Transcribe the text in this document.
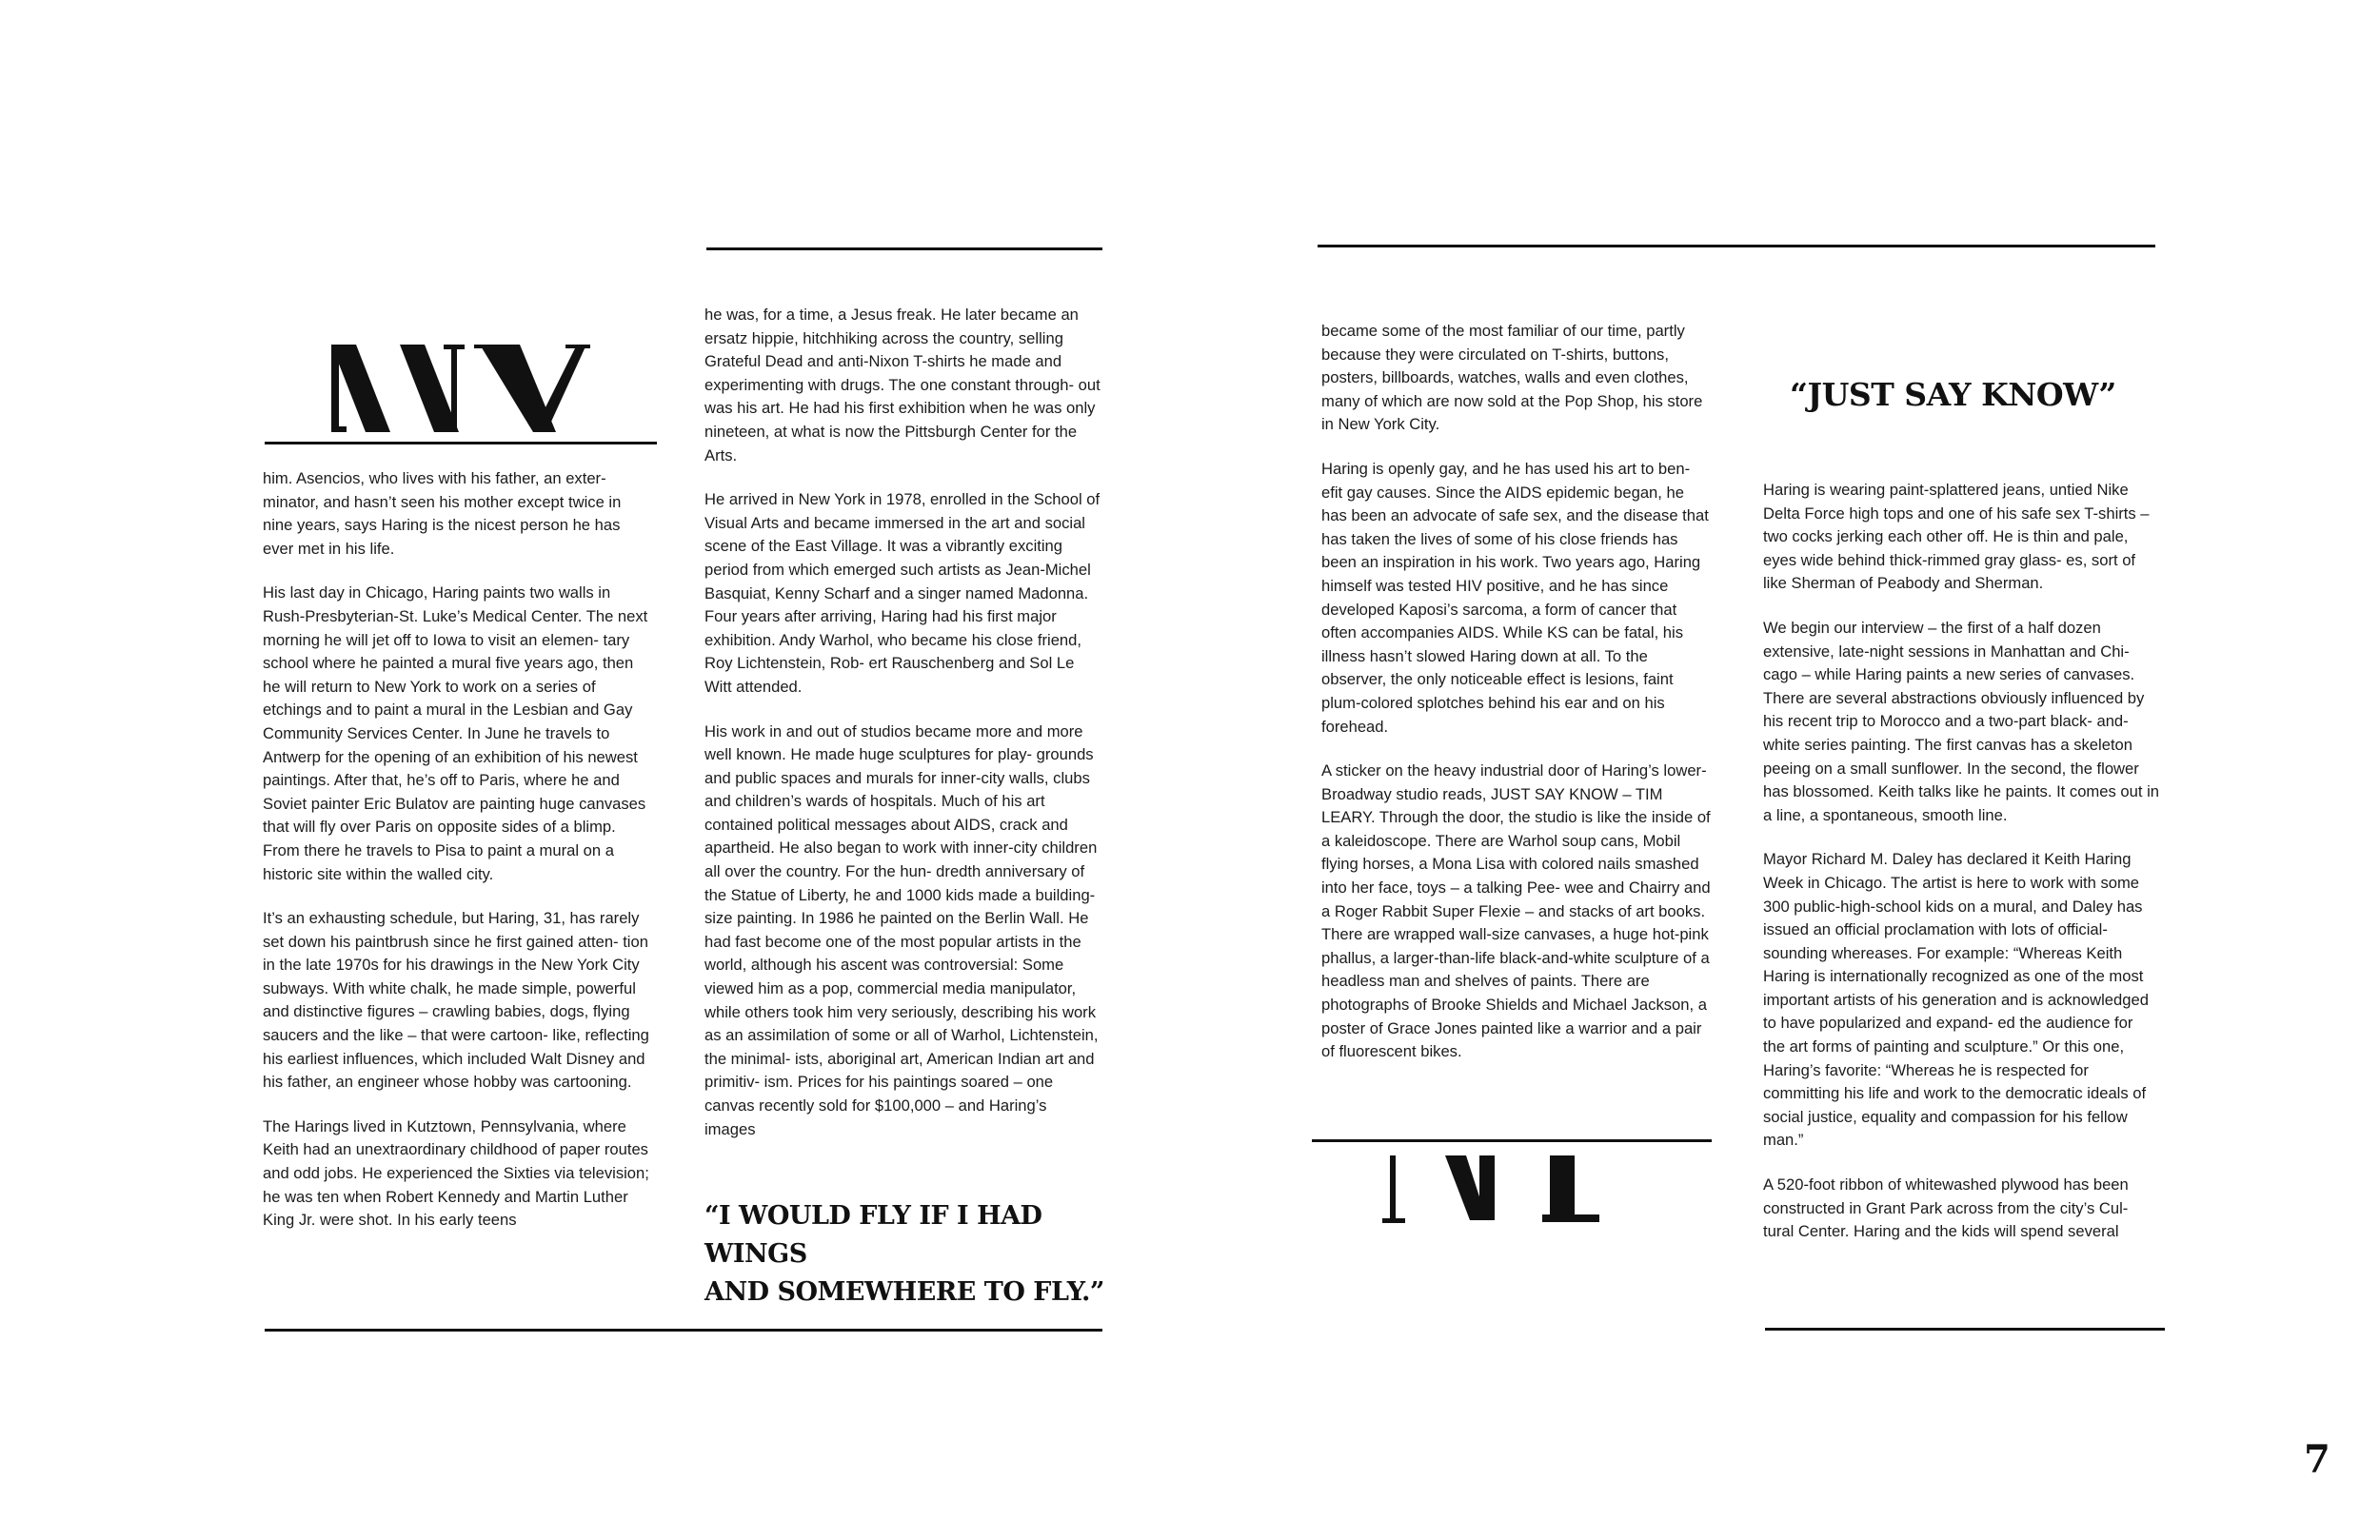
him. Asencios, who lives with his father, an exter- minator, and hasn’t seen his mother except twice in nine years, says Haring is the nicest person he has ever met in his life.

His last day in Chicago, Haring paints two walls in Rush-Presbyterian-St. Luke’s Medical Center. The next morning he will jet off to Iowa to visit an elemen- tary school where he painted a mural five years ago, then he will return to New York to work on a series of etchings and to paint a mural in the Lesbian and Gay Community Services Center. In June he travels to Antwerp for the opening of an exhibition of his newest paintings. After that, he’s off to Paris, where he and Soviet painter Eric Bulatov are painting huge canvases that will fly over Paris on opposite sides of a blimp. From there he travels to Pisa to paint a mural on a historic site within the walled city.

It’s an exhausting schedule, but Haring, 31, has rarely set down his paintbrush since he first gained atten- tion in the late 1970s for his drawings in the New York City subways. With white chalk, he made simple, powerful and distinctive figures – crawling babies, dogs, flying saucers and the like – that were cartoon- like, reflecting his earliest influences, which included Walt Disney and his father, an engineer whose hobby was cartooning.

The Harings lived in Kutztown, Pennsylvania, where Keith had an unextraordinary childhood of paper routes and odd jobs. He experienced the Sixties via television; he was ten when Robert Kennedy and Martin Luther King Jr. were shot. In his early teens

he was, for a time, a Jesus freak. He later became an ersatz hippie, hitchhiking across the country, selling Grateful Dead and anti-Nixon T-shirts he made and experimenting with drugs. The one constant through- out was his art. He had his first exhibition when he was only nineteen, at what is now the Pittsburgh Center for the Arts.

He arrived in New York in 1978, enrolled in the School of Visual Arts and became immersed in the art and social scene of the East Village. It was a vibrantly exciting period from which emerged such artists as Jean-Michel Basquiat, Kenny Scharf and a singer named Madonna. Four years after arriving, Haring had his first major exhibition. Andy Warhol, who became his close friend, Roy Lichtenstein, Rob- ert Rauschenberg and Sol Le Witt attended.

His work in and out of studios became more and more well known. He made huge sculptures for play- grounds and public spaces and murals for inner-city walls, clubs and children’s wards of hospitals. Much of his art contained political messages about AIDS, crack and apartheid. He also began to work with inner-city children all over the country. For the hun- dredth anniversary of the Statue of Liberty, he and 1000 kids made a building-size painting. In 1986 he painted on the Berlin Wall. He had fast become one of the most popular artists in the world, although his ascent was controversial: Some viewed him as a pop, commercial media manipulator, while others took him very seriously, describing his work as an assimilation of some or all of Warhol, Lichtenstein, the minimal- ists, aboriginal art, American Indian art and primitiv- ism. Prices for his paintings soared – one canvas recently sold for $100,000 – and Haring’s images

“I WOULD FLY IF I HAD WINGS
AND SOMEWHERE TO FLY.”

became some of the most familiar of our time, partly because they were circulated on T-shirts, buttons, posters, billboards, watches, walls and even clothes, many of which are now sold at the Pop Shop, his store in New York City.

Haring is openly gay, and he has used his art to ben- efit gay causes. Since the AIDS epidemic began, he has been an advocate of safe sex, and the disease that has taken the lives of some of his close friends has been an inspiration in his work. Two years ago, Haring himself was tested HIV positive, and he has since developed Kaposi’s sarcoma, a form of cancer that often accompanies AIDS. While KS can be fatal, his illness hasn’t slowed Haring down at all. To the observer, the only noticeable effect is lesions, faint plum-colored splotches behind his ear and on his forehead.

A sticker on the heavy industrial door of Haring’s lower-Broadway studio reads, JUST SAY KNOW – TIM LEARY. Through the door, the studio is like the inside of a kaleidoscope. There are Warhol soup cans, Mobil flying horses, a Mona Lisa with colored nails smashed into her face, toys – a talking Pee- wee and Chairry and a Roger Rabbit Super Flexie – and stacks of art books. There are wrapped wall-size canvases, a huge hot-pink phallus, a larger-than-life black-and-white sculpture of a headless man and shelves of paints. There are photographs of Brooke Shields and Michael Jackson, a poster of Grace Jones painted like a warrior and a pair of fluorescent bikes.

“JUST SAY KNOW”

Haring is wearing paint-splattered jeans, untied Nike Delta Force high tops and one of his safe sex T-shirts – two cocks jerking each other off. He is thin and pale, eyes wide behind thick-rimmed gray glass- es, sort of like Sherman of Peabody and Sherman.

We begin our interview – the first of a half dozen extensive, late-night sessions in Manhattan and Chi- cago – while Haring paints a new series of canvases. There are several abstractions obviously influenced by his recent trip to Morocco and a two-part black- and-white series painting. The first canvas has a skeleton peeing on a small sunflower. In the second, the flower has blossomed. Keith talks like he paints. It comes out in a line, a spontaneous, smooth line.

Mayor Richard M. Daley has declared it Keith Haring Week in Chicago. The artist is here to work with some 300 public-high-school kids on a mural, and Daley has issued an official proclamation with lots of official-sounding whereases. For example: “Whereas Keith Haring is internationally recognized as one of the most important artists of his generation and is acknowledged to have popularized and expand- ed the audience for the art forms of painting and sculpture.” Or this one, Haring’s favorite: “Whereas he is respected for committing his life and work to the democratic ideals of social justice, equality and compassion for his fellow man.”

A 520-foot ribbon of whitewashed plywood has been constructed in Grant Park across from the city’s Cul- tural Center. Haring and the kids will spend several

7
